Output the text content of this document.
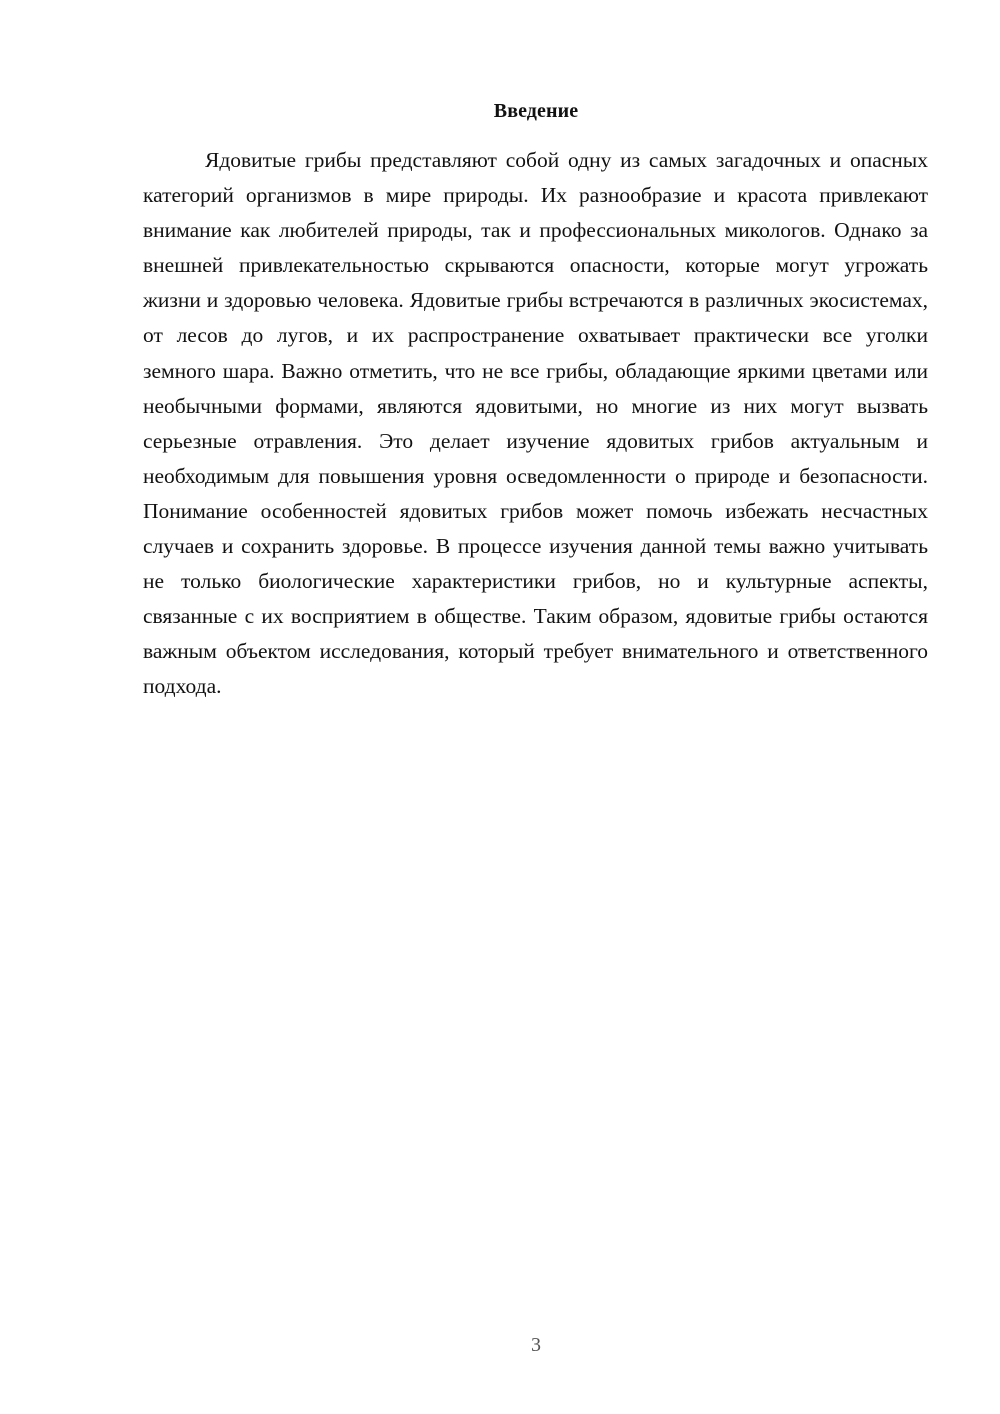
Введение

Ядовитые грибы представляют собой одну из самых загадочных и опасных категорий организмов в мире природы. Их разнообразие и красота привлекают внимание как любителей природы, так и профессиональных микологов. Однако за внешней привлекательностью скрываются опасности, которые могут угрожать жизни и здоровью человека. Ядовитые грибы встречаются в различных экосистемах, от лесов до лугов, и их распространение охватывает практически все уголки земного шара. Важно отметить, что не все грибы, обладающие яркими цветами или необычными формами, являются ядовитыми, но многие из них могут вызвать серьезные отравления. Это делает изучение ядовитых грибов актуальным и необходимым для повышения уровня осведомленности о природе и безопасности. Понимание особенностей ядовитых грибов может помочь избежать несчастных случаев и сохранить здоровье. В процессе изучения данной темы важно учитывать не только биологические характеристики грибов, но и культурные аспекты, связанные с их восприятием в обществе. Таким образом, ядовитые грибы остаются важным объектом исследования, который требует внимательного и ответственного подхода.

3
